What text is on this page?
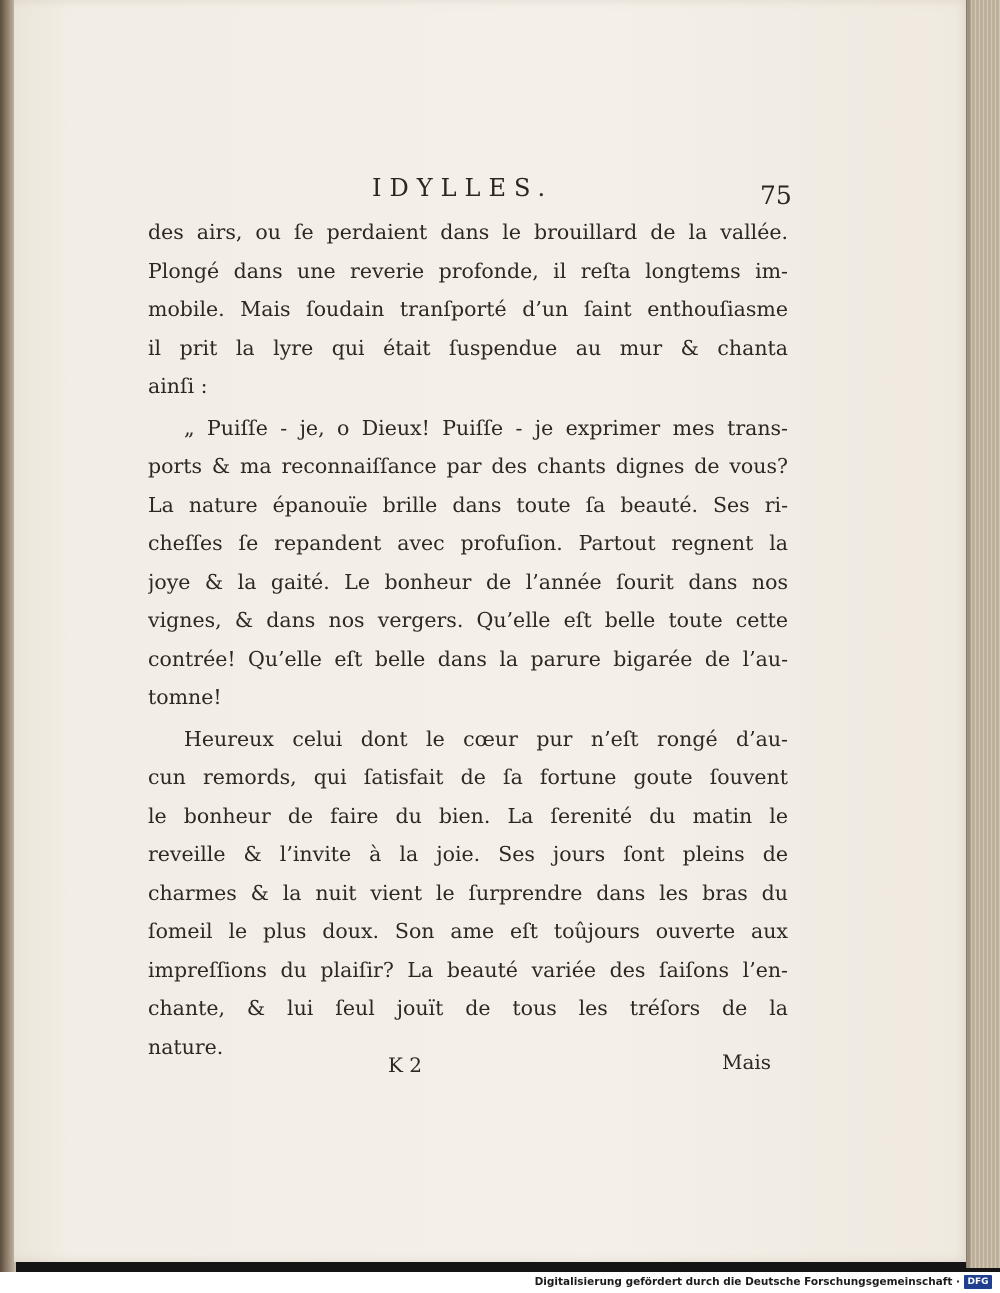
IDYLLES.	75

des airs, ou ſe perdaient dans le brouillard de la vallée.
Plongé dans une reverie profonde, il reſta longtems im-
mobile. Mais ſoudain tranſporté d’un ſaint enthouſiasme
il prit la lyre qui était ſuspendue au mur & chanta
ainſi :

„ Puiſſe - je, o Dieux! Puiſſe - je exprimer mes trans-
ports & ma reconnaiſſance par des chants dignes de vous?
La nature épanouïe brille dans toute ſa beauté. Ses ri-
cheſſes ſe repandent avec profuſion. Partout regnent la
joye & la gaité. Le bonheur de l’année ſourit dans nos
vignes, & dans nos vergers. Qu’elle eſt belle toute cette
contrée! Qu’elle eſt belle dans la parure bigarée de l’au-
tomne!

Heureux celui dont le cœur pur n’eſt rongé d’au-
cun remords, qui ſatisfait de ſa fortune goute ſouvent
le bonheur de faire du bien. La ſerenité du matin le
reveille & l’invite à la joie. Ses jours ſont pleins de
charmes & la nuit vient le ſurprendre dans les bras du
ſomeil le plus doux. Son ame eſt toûjours ouverte aux
impreſſions du plaiſir? La beauté variée des ſaiſons l’en-
chante, & lui ſeul jouït de tous les tréſors de la
nature.

K 2	Mais
Digitalisierung gefördert durch die Deutsche Forschungsgemeinschaft · DFG
